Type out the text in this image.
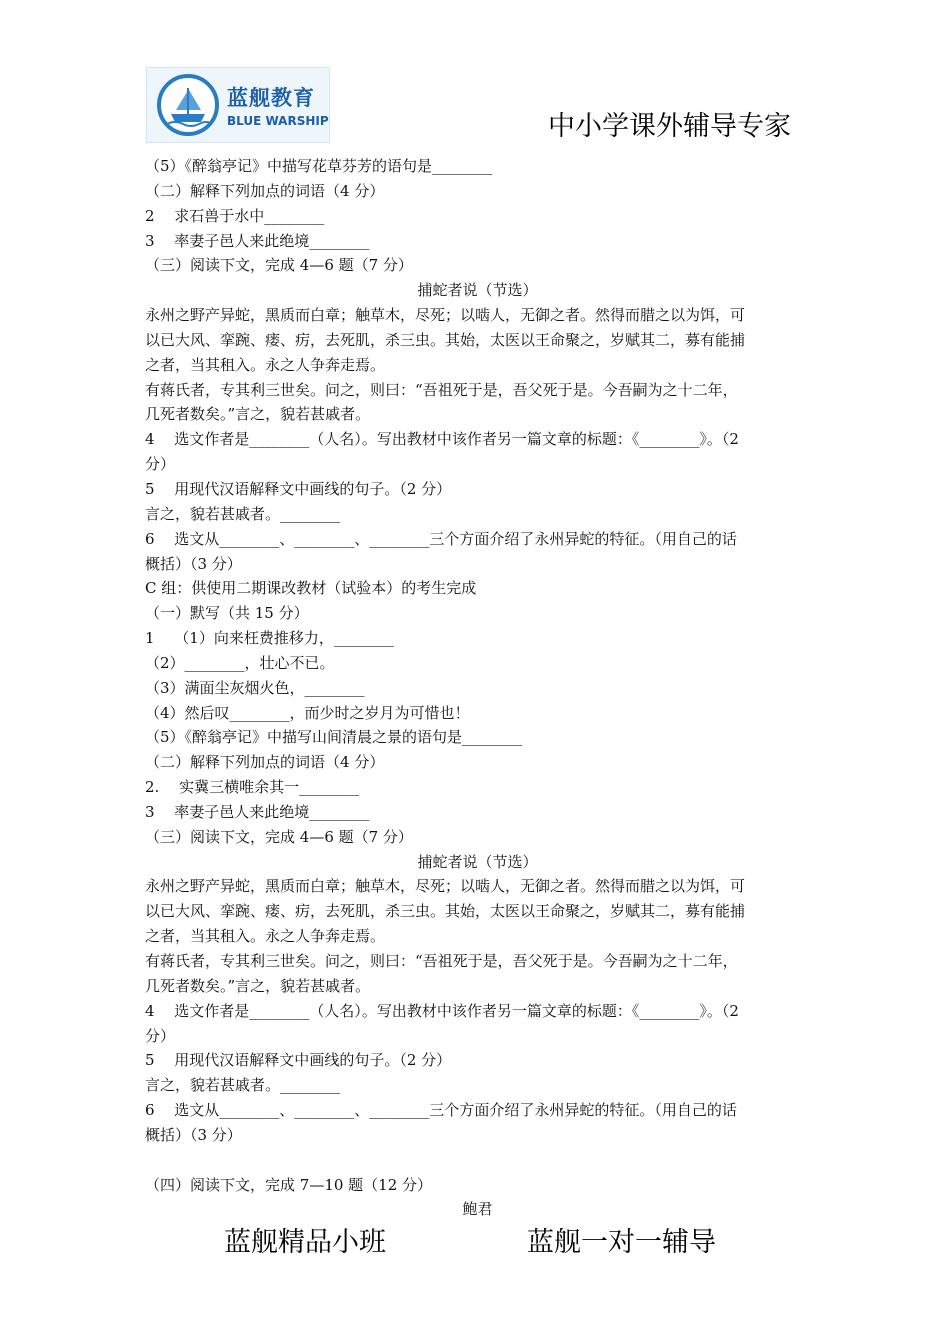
蓝舰教育
BLUE WARSHIP	中小学课外辅导专家
（5）《醉翁亭记》中描写花草芬芳的语句是________
（二）解释下列加点的词语（4 分）
2　 求石兽于水中________
3　 率妻子邑人来此绝境________
（三）阅读下文，完成 4—6 题（7 分）
捕蛇者说（节选）
永州之野产异蛇，黑质而白章；触草木，尽死；以啮人，无御之者。然得而腊之以为饵，可
以已大风、挛踠、瘘、疠，去死肌，杀三虫。其始，太医以王命聚之，岁赋其二，募有能捕
之者，当其租入。永之人争奔走焉。
有蒋氏者，专其利三世矣。问之，则曰：“吾祖死于是，吾父死于是。今吾嗣为之十二年，
几死者数矣。”言之，貌若甚戚者。
4　 选文作者是________（人名）。写出教材中该作者另一篇文章的标题：《________》。（2
分）
5　 用现代汉语解释文中画线的句子。（2 分）
言之，貌若甚戚者。________
6　 选文从________、________、________三个方面介绍了永州异蛇的特征。（用自己的话
概括）（3 分）
C 组：供使用二期课改教材（试验本）的考生完成
（一）默写（共 15 分）
1　 （1）向来枉费推移力，________
（2）________，壮心不已。
（3）满面尘灰烟火色，________
（4）然后叹________，而少时之岁月为可惜也！
（5）《醉翁亭记》中描写山间清晨之景的语句是________
（二）解释下列加点的词语（4 分）
2.　 实冀三横唯余其一________
3　 率妻子邑人来此绝境________
（三）阅读下文，完成 4—6 题（7 分）
捕蛇者说（节选）
永州之野产异蛇，黑质而白章；触草木，尽死；以啮人，无御之者。然得而腊之以为饵，可
以已大风、挛踠、瘘、疠，去死肌，杀三虫。其始，太医以王命聚之，岁赋其二，募有能捕
之者，当其租入。永之人争奔走焉。
有蒋氏者，专其利三世矣。问之，则曰：“吾祖死于是，吾父死于是。今吾嗣为之十二年，
几死者数矣。”言之，貌若甚戚者。
4　 选文作者是________（人名）。写出教材中该作者另一篇文章的标题：《________》。（2
分）
5　 用现代汉语解释文中画线的句子。（2 分）
言之，貌若甚戚者。________
6　 选文从________、________、________三个方面介绍了永州异蛇的特征。（用自己的话
概括）（3 分）
（四）阅读下文，完成 7—10 题（12 分）
鲍君
蓝舰精品小班	蓝舰一对一辅导
